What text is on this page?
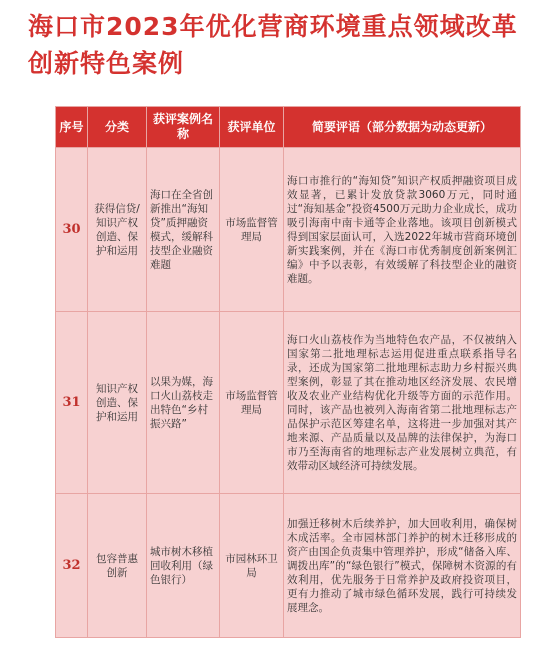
海口市2023年优化营商环境重点领域改革创新特色案例
序号	分类	获评案例名称	获评单位	简要评语（部分数据为动态更新）
30	获得信贷/知识产权创造、保护和运用	海口在全省创新推出“海知贷”质押融资模式，缓解科技型企业融资难题	市场监督管理局	海口市推行的“海知贷”知识产权质押融资项目成效显著，已累计发放贷款3060万元，同时通过“海知基金”投资4500万元助力企业成长，成功吸引海南中南卡通等企业落地。该项目创新模式得到国家层面认可，入选2022年城市营商环境创新实践案例，并在《海口市优秀制度创新案例汇编》中予以表彰，有效缓解了科技型企业的融资难题。
31	知识产权创造、保护和运用	以果为媒，海口火山荔枝走出特色“乡村振兴路”	市场监督管理局	海口火山荔枝作为当地特色农产品，不仅被纳入国家第二批地理标志运用促进重点联系指导名录，还成为国家第二批地理标志助力乡村振兴典型案例，彰显了其在推动地区经济发展、农民增收及农业产业结构优化升级等方面的示范作用。同时，该产品也被列入海南省第二批地理标志产品保护示范区筹建名单，这将进一步加强对其产地来源、产品质量以及品牌的法律保护，为海口市乃至海南省的地理标志产业发展树立典范，有效带动区域经济可持续发展。
32	包容普惠创新	城市树木移植回收利用（绿色银行）	市园林环卫局	加强迁移树木后续养护，加大回收利用，确保树木成活率。全市园林部门养护的树木迁移形成的资产由国企负责集中管理养护，形成“储备入库、调拨出库”的“绿色银行”模式，保障树木资源的有效利用，优先服务于日常养护及政府投资项目，更有力推动了城市绿色循环发展，践行可持续发展理念。
